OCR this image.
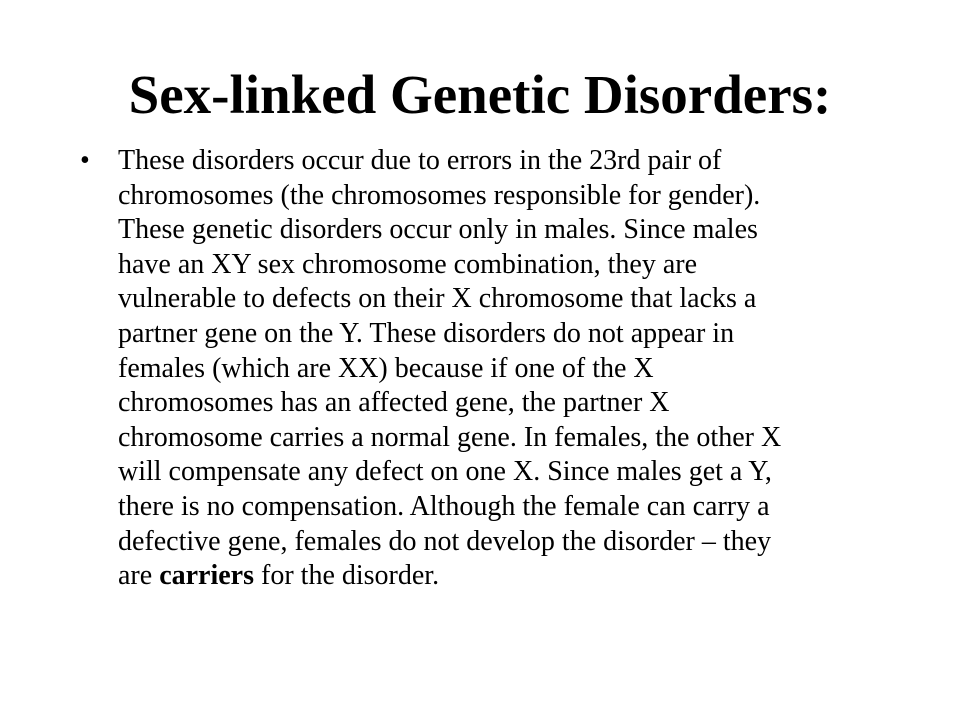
Sex-linked Genetic Disorders:
• These disorders occur due to errors in the 23rd pair of
chromosomes (the chromosomes responsible for gender).
These genetic disorders occur only in males. Since males
have an XY sex chromosome combination, they are
vulnerable to defects on their X chromosome that lacks a
partner gene on the Y. These disorders do not appear in
females (which are XX) because if one of the X
chromosomes has an affected gene, the partner X
chromosome carries a normal gene. In females, the other X
will compensate any defect on one X. Since males get a Y,
there is no compensation. Although the female can carry a
defective gene, females do not develop the disorder – they
are carriers for the disorder.
